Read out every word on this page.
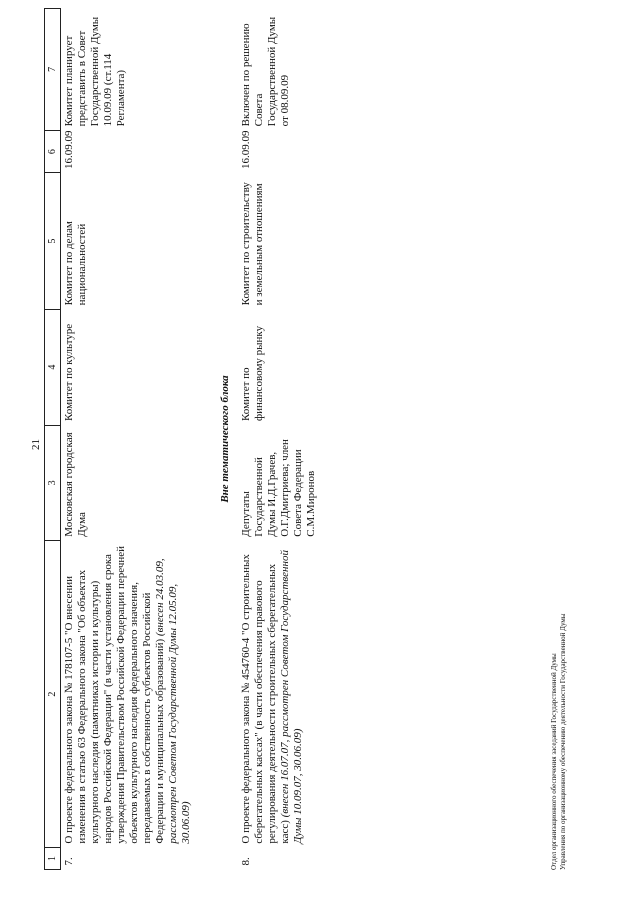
21
1	2	3	4	5	6	7
7.	О проекте федерального закона № 178107-5 "О внесении изменения в статью 63 Федерального закона "Об объектах культурного наследия (памятниках истории и культуры) народов Российской Федерации" (в части установления срока утверждения Правительством Российской Федерации перечней объектов культурного наследия федерального значения, передаваемых в собственность субъектов Российской Федерации и муниципальных образований) (внесен 24.03.09, рассмотрен Советом Государственной Думы 12.05.09, 30.06.09)	Московская городская Дума	Комитет по культуре	Комитет по делам национальностей	16.09.09	Комитет планирует представить в Совет Государственной Думы 10.09.09 (ст.114 Регламента)

Вне тематического блока						
8.	О проекте федерального закона № 454760-4 "О строительных сберегательных кассах" (в части обеспечения правового регулирования деятельности строительных сберегательных касс) (внесен 16.07.07, рассмотрен Советом Государственной Думы 10.09.07, 30.06.09)	Депутаты Государственной Думы И.Д.Грачев, О.Г.Дмитриева; член Совета Федерации С.М.Миронов	Комитет по финансовому рынку	Комитет по строительству и земельным отношениям	16.09.09	Включен по решению Совета Государственной Думы от 08.09.09
Отдел организационного обеспечения заседаний Государственной Думы Управления по организационному обеспечению деятельности Государственной Думы
